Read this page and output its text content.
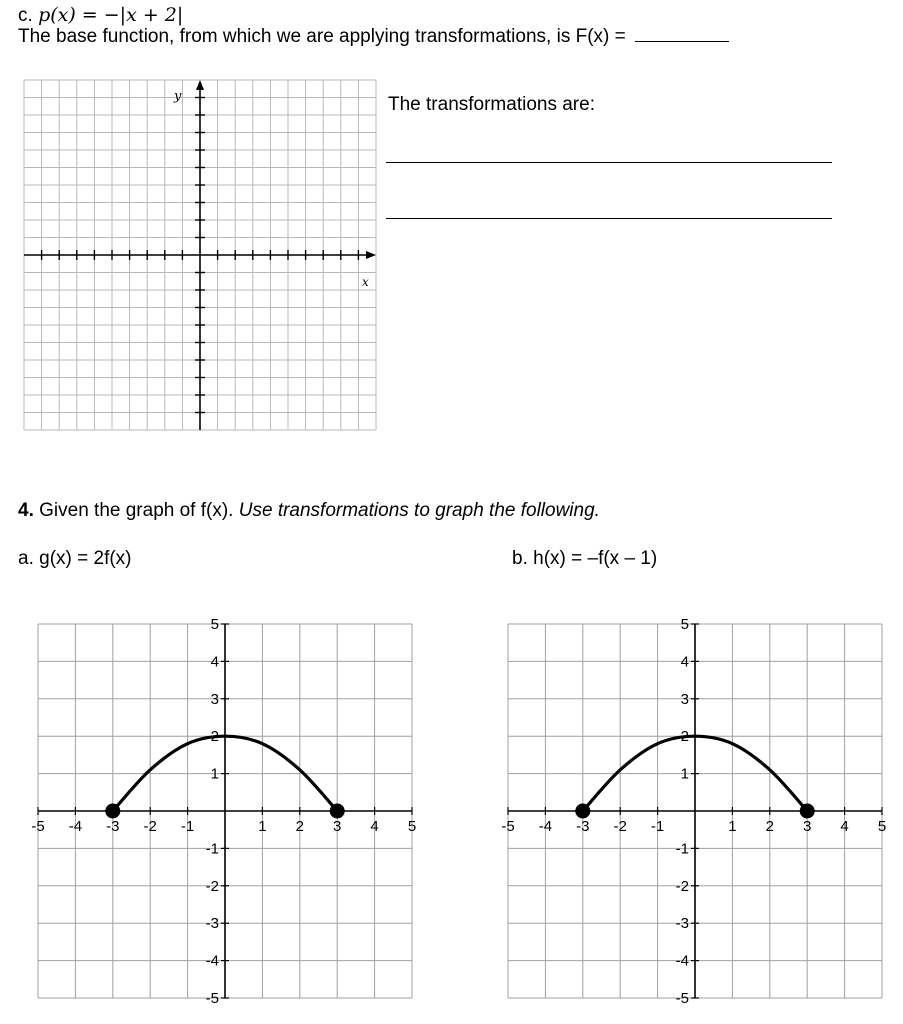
c. p(x) = −|x + 2|
The base function, from which we are applying transformations, is F(x) =
y
x
The transformations are:
4. Given the graph of f(x). Use transformations to graph the following.
a. g(x) = 2f(x)	b. h(x) = –f(x – 1)
-5 -4 -3 -2 -1	1 2 3 4 5
5
4
3
2
1
-1
-2
-3
-4
-5
-5 -4 -3 -2 -1	1 2 3 4 5
5
4
3
2
1
-1
-2
-3
-4
-5
